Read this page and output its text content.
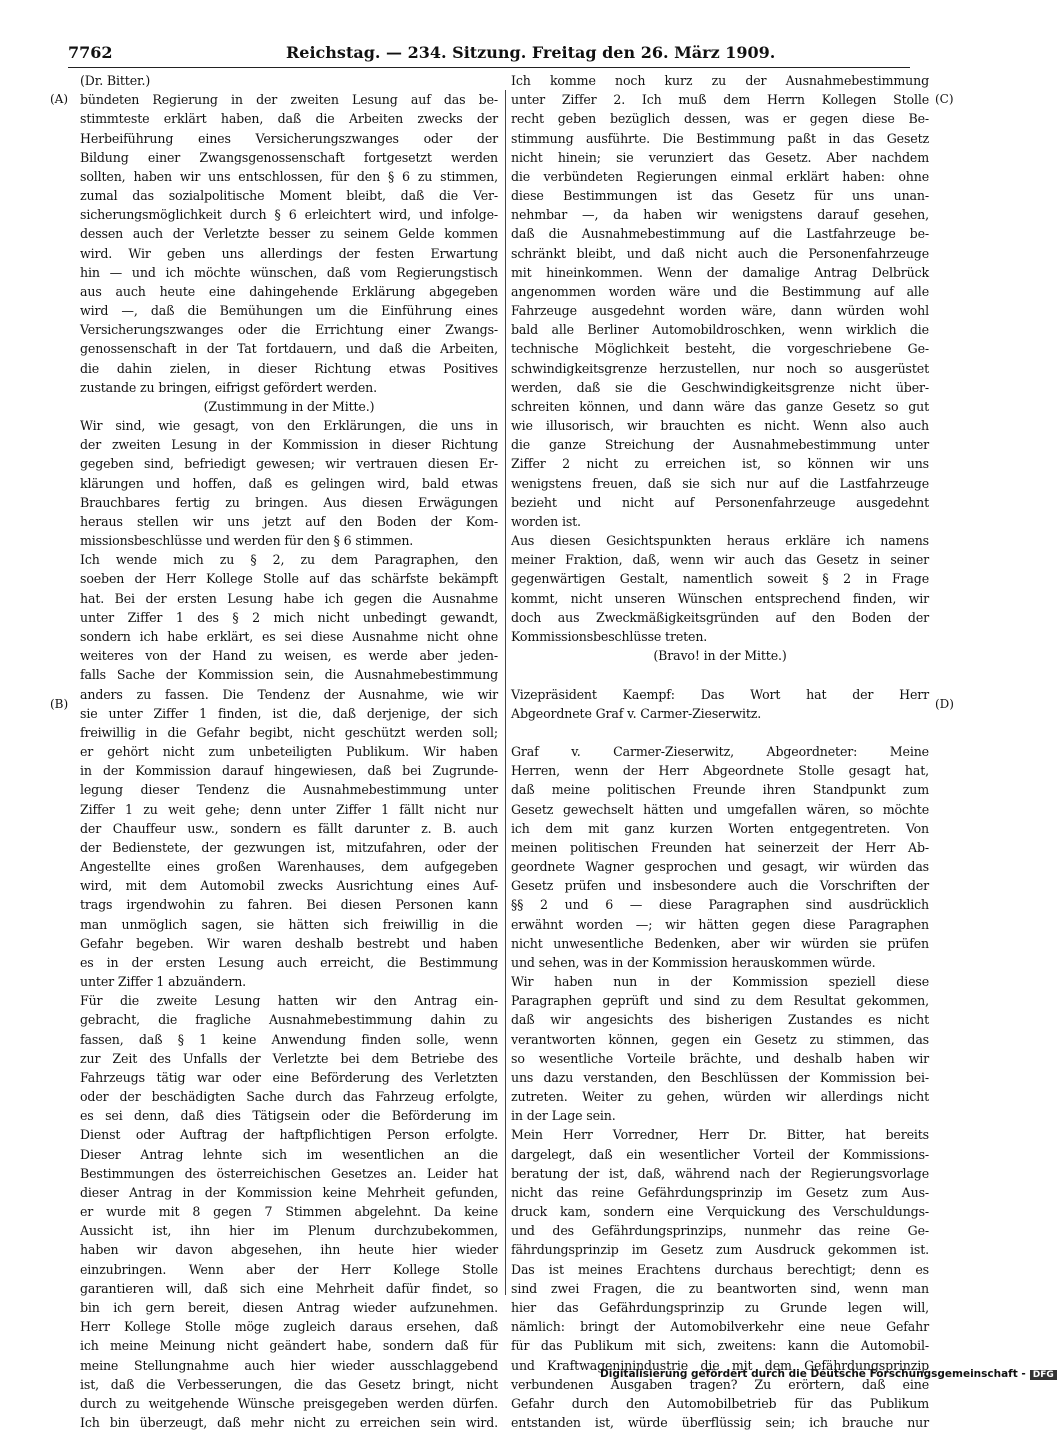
7762	Reichstag. — 234. Sitzung. Freitag den 26. März 1909.
(A)
(B)
(C)
(D)
(Dr. Bitter.)
bündeten Regierung in der zweiten Lesung auf das be-
stimmteste erklärt haben, daß die Arbeiten zwecks der
Herbeiführung eines Versicherungszwanges oder der
Bildung einer Zwangsgenossenschaft fortgesetzt werden
sollten, haben wir uns entschlossen, für den § 6 zu stimmen,
zumal das sozialpolitische Moment bleibt, daß die Ver-
sicherungsmöglichkeit durch § 6 erleichtert wird, und infolge-
dessen auch der Verletzte besser zu seinem Gelde kommen
wird. Wir geben uns allerdings der festen Erwartung
hin — und ich möchte wünschen, daß vom Regierungstisch
aus auch heute eine dahingehende Erklärung abgegeben
wird —, daß die Bemühungen um die Einführung eines
Versicherungszwanges oder die Errichtung einer Zwangs-
genossenschaft in der Tat fortdauern, und daß die Arbeiten,
die dahin zielen, in dieser Richtung etwas Positives
zustande zu bringen, eifrigst gefördert werden.
(Zustimmung in der Mitte.)
Wir sind, wie gesagt, von den Erklärungen, die uns in
der zweiten Lesung in der Kommission in dieser Richtung
gegeben sind, befriedigt gewesen; wir vertrauen diesen Er-
klärungen und hoffen, daß es gelingen wird, bald etwas
Brauchbares fertig zu bringen. Aus diesen Erwägungen
heraus stellen wir uns jetzt auf den Boden der Kom-
missionsbeschlüsse und werden für den § 6 stimmen.
Ich wende mich zu § 2, zu dem Paragraphen, den
soeben der Herr Kollege Stolle auf das schärfste bekämpft
hat. Bei der ersten Lesung habe ich gegen die Ausnahme
unter Ziffer 1 des § 2 mich nicht unbedingt gewandt,
sondern ich habe erklärt, es sei diese Ausnahme nicht ohne
weiteres von der Hand zu weisen, es werde aber jeden-
falls Sache der Kommission sein, die Ausnahmebestimmung
anders zu fassen. Die Tendenz der Ausnahme, wie wir
sie unter Ziffer 1 finden, ist die, daß derjenige, der sich
freiwillig in die Gefahr begibt, nicht geschützt werden soll;
er gehört nicht zum unbeteiligten Publikum. Wir haben
in der Kommission darauf hingewiesen, daß bei Zugrunde-
legung dieser Tendenz die Ausnahmebestimmung unter
Ziffer 1 zu weit gehe; denn unter Ziffer 1 fällt nicht nur
der Chauffeur usw., sondern es fällt darunter z. B. auch
der Bedienstete, der gezwungen ist, mitzufahren, oder der
Angestellte eines großen Warenhauses, dem aufgegeben
wird, mit dem Automobil zwecks Ausrichtung eines Auf-
trags irgendwohin zu fahren. Bei diesen Personen kann
man unmöglich sagen, sie hätten sich freiwillig in die
Gefahr begeben. Wir waren deshalb bestrebt und haben
es in der ersten Lesung auch erreicht, die Bestimmung
unter Ziffer 1 abzuändern.
Für die zweite Lesung hatten wir den Antrag ein-
gebracht, die fragliche Ausnahmebestimmung dahin zu
fassen, daß § 1 keine Anwendung finden solle, wenn
zur Zeit des Unfalls der Verletzte bei dem Betriebe des
Fahrzeugs tätig war oder eine Beförderung des Verletzten
oder der beschädigten Sache durch das Fahrzeug erfolgte,
es sei denn, daß dies Tätigsein oder die Beförderung im
Dienst oder Auftrag der haftpflichtigen Person erfolgte.
Dieser Antrag lehnte sich im wesentlichen an die
Bestimmungen des österreichischen Gesetzes an. Leider hat
dieser Antrag in der Kommission keine Mehrheit gefunden,
er wurde mit 8 gegen 7 Stimmen abgelehnt. Da keine
Aussicht ist, ihn hier im Plenum durchzubekommen,
haben wir davon abgesehen, ihn heute hier wieder
einzubringen. Wenn aber der Herr Kollege Stolle
garantieren will, daß sich eine Mehrheit dafür findet, so
bin ich gern bereit, diesen Antrag wieder aufzunehmen.
Herr Kollege Stolle möge zugleich daraus ersehen, daß
ich meine Meinung nicht geändert habe, sondern daß für
meine Stellungnahme auch hier wieder ausschlaggebend
ist, daß die Verbesserungen, die das Gesetz bringt, nicht
durch zu weitgehende Wünsche preisgegeben werden dürfen.
Ich bin überzeugt, daß mehr nicht zu erreichen sein wird.
Ich komme noch kurz zu der Ausnahmebestimmung
unter Ziffer 2. Ich muß dem Herrn Kollegen Stolle
recht geben bezüglich dessen, was er gegen diese Be-
stimmung ausführte. Die Bestimmung paßt in das Gesetz
nicht hinein; sie verunziert das Gesetz. Aber nachdem
die verbündeten Regierungen einmal erklärt haben: ohne
diese Bestimmungen ist das Gesetz für uns unan-
nehmbar —, da haben wir wenigstens darauf gesehen,
daß die Ausnahmebestimmung auf die Lastfahrzeuge be-
schränkt bleibt, und daß nicht auch die Personenfahrzeuge
mit hineinkommen. Wenn der damalige Antrag Delbrück
angenommen worden wäre und die Bestimmung auf alle
Fahrzeuge ausgedehnt worden wäre, dann würden wohl
bald alle Berliner Automobildroschken, wenn wirklich die
technische Möglichkeit besteht, die vorgeschriebene Ge-
schwindigkeitsgrenze herzustellen, nur noch so ausgerüstet
werden, daß sie die Geschwindigkeitsgrenze nicht über-
schreiten können, und dann wäre das ganze Gesetz so gut
wie illusorisch, wir brauchten es nicht. Wenn also auch
die ganze Streichung der Ausnahmebestimmung unter
Ziffer 2 nicht zu erreichen ist, so können wir uns
wenigstens freuen, daß sie sich nur auf die Lastfahrzeuge
bezieht und nicht auf Personenfahrzeuge ausgedehnt
worden ist.
Aus diesen Gesichtspunkten heraus erkläre ich namens
meiner Fraktion, daß, wenn wir auch das Gesetz in seiner
gegenwärtigen Gestalt, namentlich soweit § 2 in Frage
kommt, nicht unseren Wünschen entsprechend finden, wir
doch aus Zweckmäßigkeitsgründen auf den Boden der
Kommissionsbeschlüsse treten.
(Bravo! in der Mitte.)

Vizepräsident Kaempf: Das Wort hat der Herr
Abgeordnete Graf v. Carmer-Zieserwitz.

Graf v. Carmer-Zieserwitz, Abgeordneter: Meine
Herren, wenn der Herr Abgeordnete Stolle gesagt hat,
daß meine politischen Freunde ihren Standpunkt zum
Gesetz gewechselt hätten und umgefallen wären, so möchte
ich dem mit ganz kurzen Worten entgegentreten. Von
meinen politischen Freunden hat seinerzeit der Herr Ab-
geordnete Wagner gesprochen und gesagt, wir würden das
Gesetz prüfen und insbesondere auch die Vorschriften der
§§ 2 und 6 — diese Paragraphen sind ausdrücklich
erwähnt worden —; wir hätten gegen diese Paragraphen
nicht unwesentliche Bedenken, aber wir würden sie prüfen
und sehen, was in der Kommission herauskommen würde.
Wir haben nun in der Kommission speziell diese
Paragraphen geprüft und sind zu dem Resultat gekommen,
daß wir angesichts des bisherigen Zustandes es nicht
verantworten können, gegen ein Gesetz zu stimmen, das
so wesentliche Vorteile brächte, und deshalb haben wir
uns dazu verstanden, den Beschlüssen der Kommission bei-
zutreten. Weiter zu gehen, würden wir allerdings nicht
in der Lage sein.
Mein Herr Vorredner, Herr Dr. Bitter, hat bereits
dargelegt, daß ein wesentlicher Vorteil der Kommissions-
beratung der ist, daß, während nach der Regierungsvorlage
nicht das reine Gefährdungsprinzip im Gesetz zum Aus-
druck kam, sondern eine Verquickung des Verschuldungs-
und des Gefährdungsprinzips, nunmehr das reine Ge-
fährdungsprinzip im Gesetz zum Ausdruck gekommen ist.
Das ist meines Erachtens durchaus berechtigt; denn es
sind zwei Fragen, die zu beantworten sind, wenn man
hier das Gefährdungsprinzip zu Grunde legen will,
nämlich: bringt der Automobilverkehr eine neue Gefahr
für das Publikum mit sich, zweitens: kann die Automobil-
und Kraftwageninindustrie die mit dem Gefährdungsprinzip
verbundenen Ausgaben tragen? Zu erörtern, daß eine
Gefahr durch den Automobilbetrieb für das Publikum
entstanden ist, würde überflüssig sein; ich brauche nur
Digitalisierung gefördert durch die Deutsche Forschungsgemeinschaft - DFG
